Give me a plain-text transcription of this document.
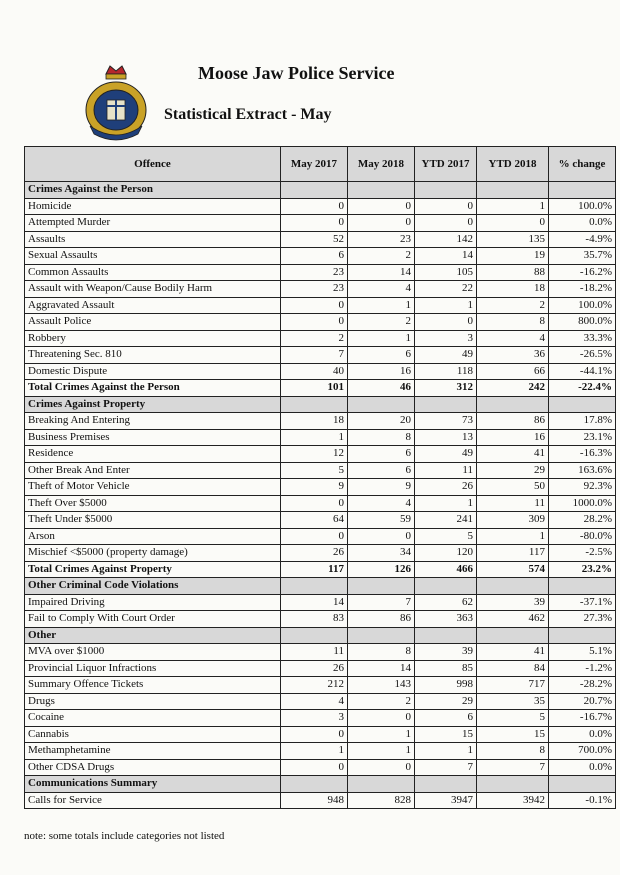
Moose Jaw Police Service
Statistical Extract - May
Offence	May 2017	May 2018	YTD 2017	YTD 2018	% change
Crimes Against the Person					
Homicide	0	0	0	1	100.0%
Attempted Murder	0	0	0	0	0.0%
Assaults	52	23	142	135	-4.9%
Sexual Assaults	6	2	14	19	35.7%
Common Assaults	23	14	105	88	-16.2%
Assault with Weapon/Cause Bodily Harm	23	4	22	18	-18.2%
Aggravated Assault	0	1	1	2	100.0%
Assault Police	0	2	0	8	800.0%
Robbery	2	1	3	4	33.3%
Threatening Sec. 810	7	6	49	36	-26.5%
Domestic Dispute	40	16	118	66	-44.1%
Total Crimes Against the Person	101	46	312	242	-22.4%
Crimes Against Property					
Breaking And Entering	18	20	73	86	17.8%
Business Premises	1	8	13	16	23.1%
Residence	12	6	49	41	-16.3%
Other Break And Enter	5	6	11	29	163.6%
Theft of Motor Vehicle	9	9	26	50	92.3%
Theft Over $5000	0	4	1	11	1000.0%
Theft Under $5000	64	59	241	309	28.2%
Arson	0	0	5	1	-80.0%
Mischief <$5000 (property damage)	26	34	120	117	-2.5%
Total Crimes Against Property	117	126	466	574	23.2%
Other Criminal Code Violations					
Impaired Driving	14	7	62	39	-37.1%
Fail to Comply With Court Order	83	86	363	462	27.3%
Other					
MVA over $1000	11	8	39	41	5.1%
Provincial Liquor Infractions	26	14	85	84	-1.2%
Summary Offence Tickets	212	143	998	717	-28.2%
Drugs	4	2	29	35	20.7%
Cocaine	3	0	6	5	-16.7%
Cannabis	0	1	15	15	0.0%
Methamphetamine	1	1	1	8	700.0%
Other CDSA Drugs	0	0	7	7	0.0%
Communications Summary					
Calls for Service	948	828	3947	3942	-0.1%
note: some totals include categories not listed
